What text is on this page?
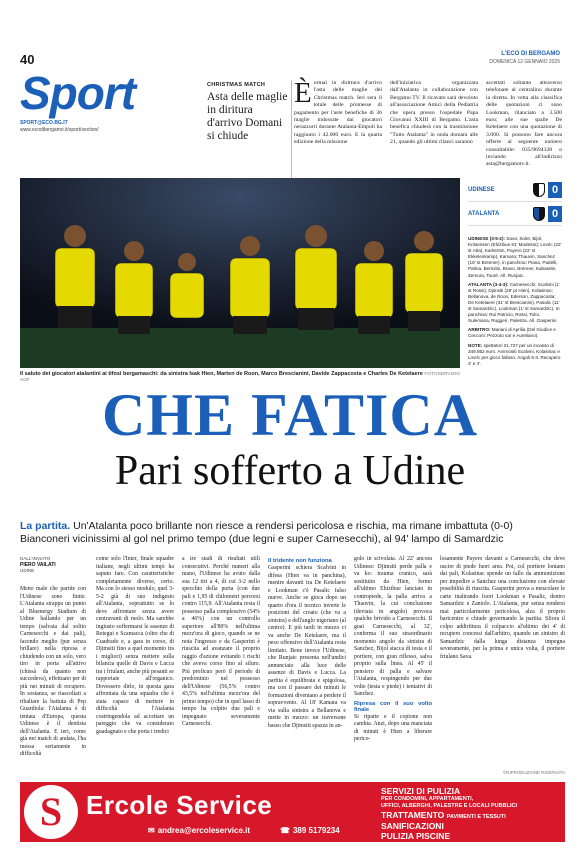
40	L'ECO DI BERGAMO
DOMENICA 12 GENNAIO 2025
Sport
SPORT@ECO.BG.IT
www.ecodibergamo.it/sport/section/
CHRISTMAS MATCH
Asta delle maglie in diritura d'arrivo Domani si chiude
Èormai in dirittura d'arrivo l'asta delle maglie del Christmas match. Ieri sera il totale delle promesse di pagamento per l'aste benefiche di 36 maglie indossate dai giocatori nerazzurri durante Atalanta-Empoli ha raggiunto i 42.000 euro. E la quarta edizione della missione
dell'iniziativa organizzata dall'Atalanta in collaborazione con Bergamo TV. Il ricavato sarà devoluto all'associazione Amici della Pediatria che opera presso l'ospedale Papa Giovanni XXIII di Bergamo. L'asta benefica chiuderà con la trasmissione "Tutto Atalanta" in onda domani alle 21, quando gli ultimi rilanci saranno
accettati soltanto attraverso telefonate al centralino durante la diretta. In vetta alla classifica delle quotazioni ci sono Lookman, rilanciato a 3.500 euro; alle sue spalle De Ketelaere con una quotazione di 3.000. Si possono fare ancora offerte al seguente numero consultabile: 035/9694128 o inviando all'indirizzo asta@bergamotv.it.
Il saluto dei giocatori atalantini ai tifosi bergamaschi: da sinistra Isak Hien, Marten de Roon, Marco Brescianini, Davide Zappacosta e Charles De Ketelaere FOTOSERVIZIO AGF
UDINESE	0
ATALANTA	0

UDINESE (3-5-2): Sava; Solet, Bijol, Kristensen (Ehizibue 81' Modesto); Lovric (22' st Atta), Karlström, Payero (22' st Ekkelenkamp), Kamara; Thauvin, Sanchez (16' st Brenner), in panchina: Piana, Padelli, Palma, Bertolini, Bravo, Brenner, Kabasele, Zemura, Touré. All. Runjaic.

ATALANTA (3-4-3): Carnesecchi; Scalvini (1' st Rossi), Djimsiti (28' pt Hien), Kolasinac; Bellanova, de Roon, Ederson, Zappacosta; De Ketelaere (31' st Brescianini), Pasalic (11' st Samardzic), Lookman (1' st Samardzic). In panchina: Rui Patricio, Rossi, Toloi, Sulemana, Ruggeri, Palestra. All. Gasperini.

ARBITRO: Mariani di Aprilia (Del Giudice e Cecconi; Pezzuto var e Aureliano).

NOTE: spettatori 21.727 per un incasso di 349.852 euro. Ammoniti Scalvini, Kolasinac e Lovric per gioco falloso. Angoli 5-3. Recupero 3' e 4'.

CHE FATICA
Pari sofferto a Udine
La partita. Un'Atalanta poco brillante non riesce a rendersi pericolosa e rischia, ma rimane imbattuta (0-0) Bianconeri vicinissimi al gol nel primo tempo (due legni e super Carnesecchi), al 94' lampo di Samardzic
DALL'INVIATO
PIERO VAILATI
UDINE
Meno male che partite con l'Udinese sono finite. L'Atalanta strappa un punto al Bluenergy Stadium di Udine ballando per un tempo (salvata dal solito Carnesecchi e dai pali), facendo meglio (pur senza brillare) nella ripresa e chiudendo con un solo, vero tiro in porta all'attivo (chissà da quanto non succedeva), effettuato per di più nei minuti di recupero. In sostanza, se riascoltati a ribaltare la battuta di Pep Guardiola: l'Atalanta è di tentata d'Europa, questa Udinese è il dentista dell'Atalanta. E ieri, come già nei match di andata, l'ha messa seriamente in difficoltà
come solo l'Inter, finale squadre italiane, negli ultimi tempi ha saputo fare. Con caratteristiche completamente diverse, certo. Ma con lo stesso modulo, quel 3-5-2 già di suo indigesto all'Atalanta, soprattutto se lo deve affrontare senza avere centravanti di ruolo. Ma sarebbe ingiusto soffermarsi le assenze di Retegui e Scamacca (oltre che di Cuadrado e, a gara in corso, di Djimsiti fino a quel momento tra i migliori) senza mettere sulla bilancia quelle di Davis e Lucca tra i friulani, anche più pesanti se rapportate all'organico. Dovessero dirlo, in questa gara affrontata da una squadra che è stata capace di mettere in difficoltà l'Atalanta costringendola ad accettare un pareggio che va considerato guadagnato e che porta i tredici
a tre stadi di risultati utili consecutivi. Perché numeri alla mano, l'Udinese ha avuto dalla sua 12 tiri a 4, di cui 3-2 nello specchio della porta (con due pali e 1,95 di chilometri percorsi contro 115,9. All'Atalanta resta il possesso palla complessivo (54% a 46%) con un controllo superiore all'80% nell'ultima mezz'ora di gioco, quando se ne nota l'ingresso e da Gasperini è riuscita ad avanzare il proprio raggio d'azione evitando i rischi che aveva corso fino al siluro. Più proficuo però il periodo di predominio nel possesso dell'Udinese (56,5% contro 43,5% nell'ultima mezz'ora del primo tempo) che in quel lasso di tempo ha colpito due pali e impegnato severamente Carnesecchi.
Il tridente non funziona
Gasperini schiera Scalvini in difesa (Hien va in panchina), mentre davanti tra De Ketelaere e Lookman c'è Pasalic falso nueve. Anche se gioca dopo un quarto d'ora il tecnico inverte le posizioni del croato (che va a sinistra) e dell'anglo nigeriano (al centro). E più tardi in mezzo ci va anche De Ketelaere, ma il peso offensivo dell'Atalanta resta limitato. Bene invece l'Udinese, che Runjaic presenta nell'undici annunciato alla luce delle assenze di Davis e Lucca. La partita è equilibrata e spigolosa, ma con il passare dei minuti le formazioni diventano a perdere il sopravvento. Al 18' Kamara va via sulla sinistra a Bellanova e mette in mezzo: un traversone basso che Djimsiti spazza in an-
golo in scivolata. Al 22' ancora Udinese: Djimsiti perde palla e va ko: trauma cranico, sarà sostituito da Hien, fermo all'ultimo Ehizibue lanciato in contropiede, la palla arriva a Thauvin, la cui conclusione (deviata in angolo) provoca qualche brivido a Carnesecchi. Il guai Carnesecchi, al 32', conferma il suo straordinario momento angolo da sinistra di Sanchez, Bijol stacca di testa e il portiere, con gran riflesso, salva proprio sulla linea. Al 45' il pensiero di palla e salvare l'Atalanta, respingendo per due volte (testa e piede) i tentativi di Sanchez.
Ripresa con il suo volto finale
Si riparte e il copione non cambia. Anzi, dopo una manciata di minuti è Hien a liberare perico-
losamente Payero davanti a Carnesecchi, che deve uscire di piede fuori area. Poi, col portiere lontano dai pali, Kolasinac spende un fallo da ammonizione per impedire a Sanchez una conclusione con elevate possibilità di riuscita. Gasperini prova a mescolare le carte inaltrando fuori Lookman e Pasalic, dentro Samardzic e Zaniolo. L'Atalanta, pur senza rendersi mai particolarmente pericolosa, alza il proprio baricentro e chiude governando la partita. Sfiora il colpo addirittura il colpaccio al'ultimo dei 4' di recupero concessi dall'arbitro, quando un sinistro di Samardzic dalla lunga distanza impegna severamente, per la prima e unica volta, il portiere friulano Sava.
©RIPRODUZIONE RISERVATA
S Ercole Service
✉ andrea@ercoleservice.it	☎ 389 5179234
SERVIZI DI PULIZIA
PER CONDOMINI, APPARTAMENTI,
UFFICI, ALBERGHI, PALESTRE E LOCALI PUBBLICI
TRATTAMENTO PAVIMENTI E TESSUTI
SANIFICAZIONI
PULIZIA PISCINE
